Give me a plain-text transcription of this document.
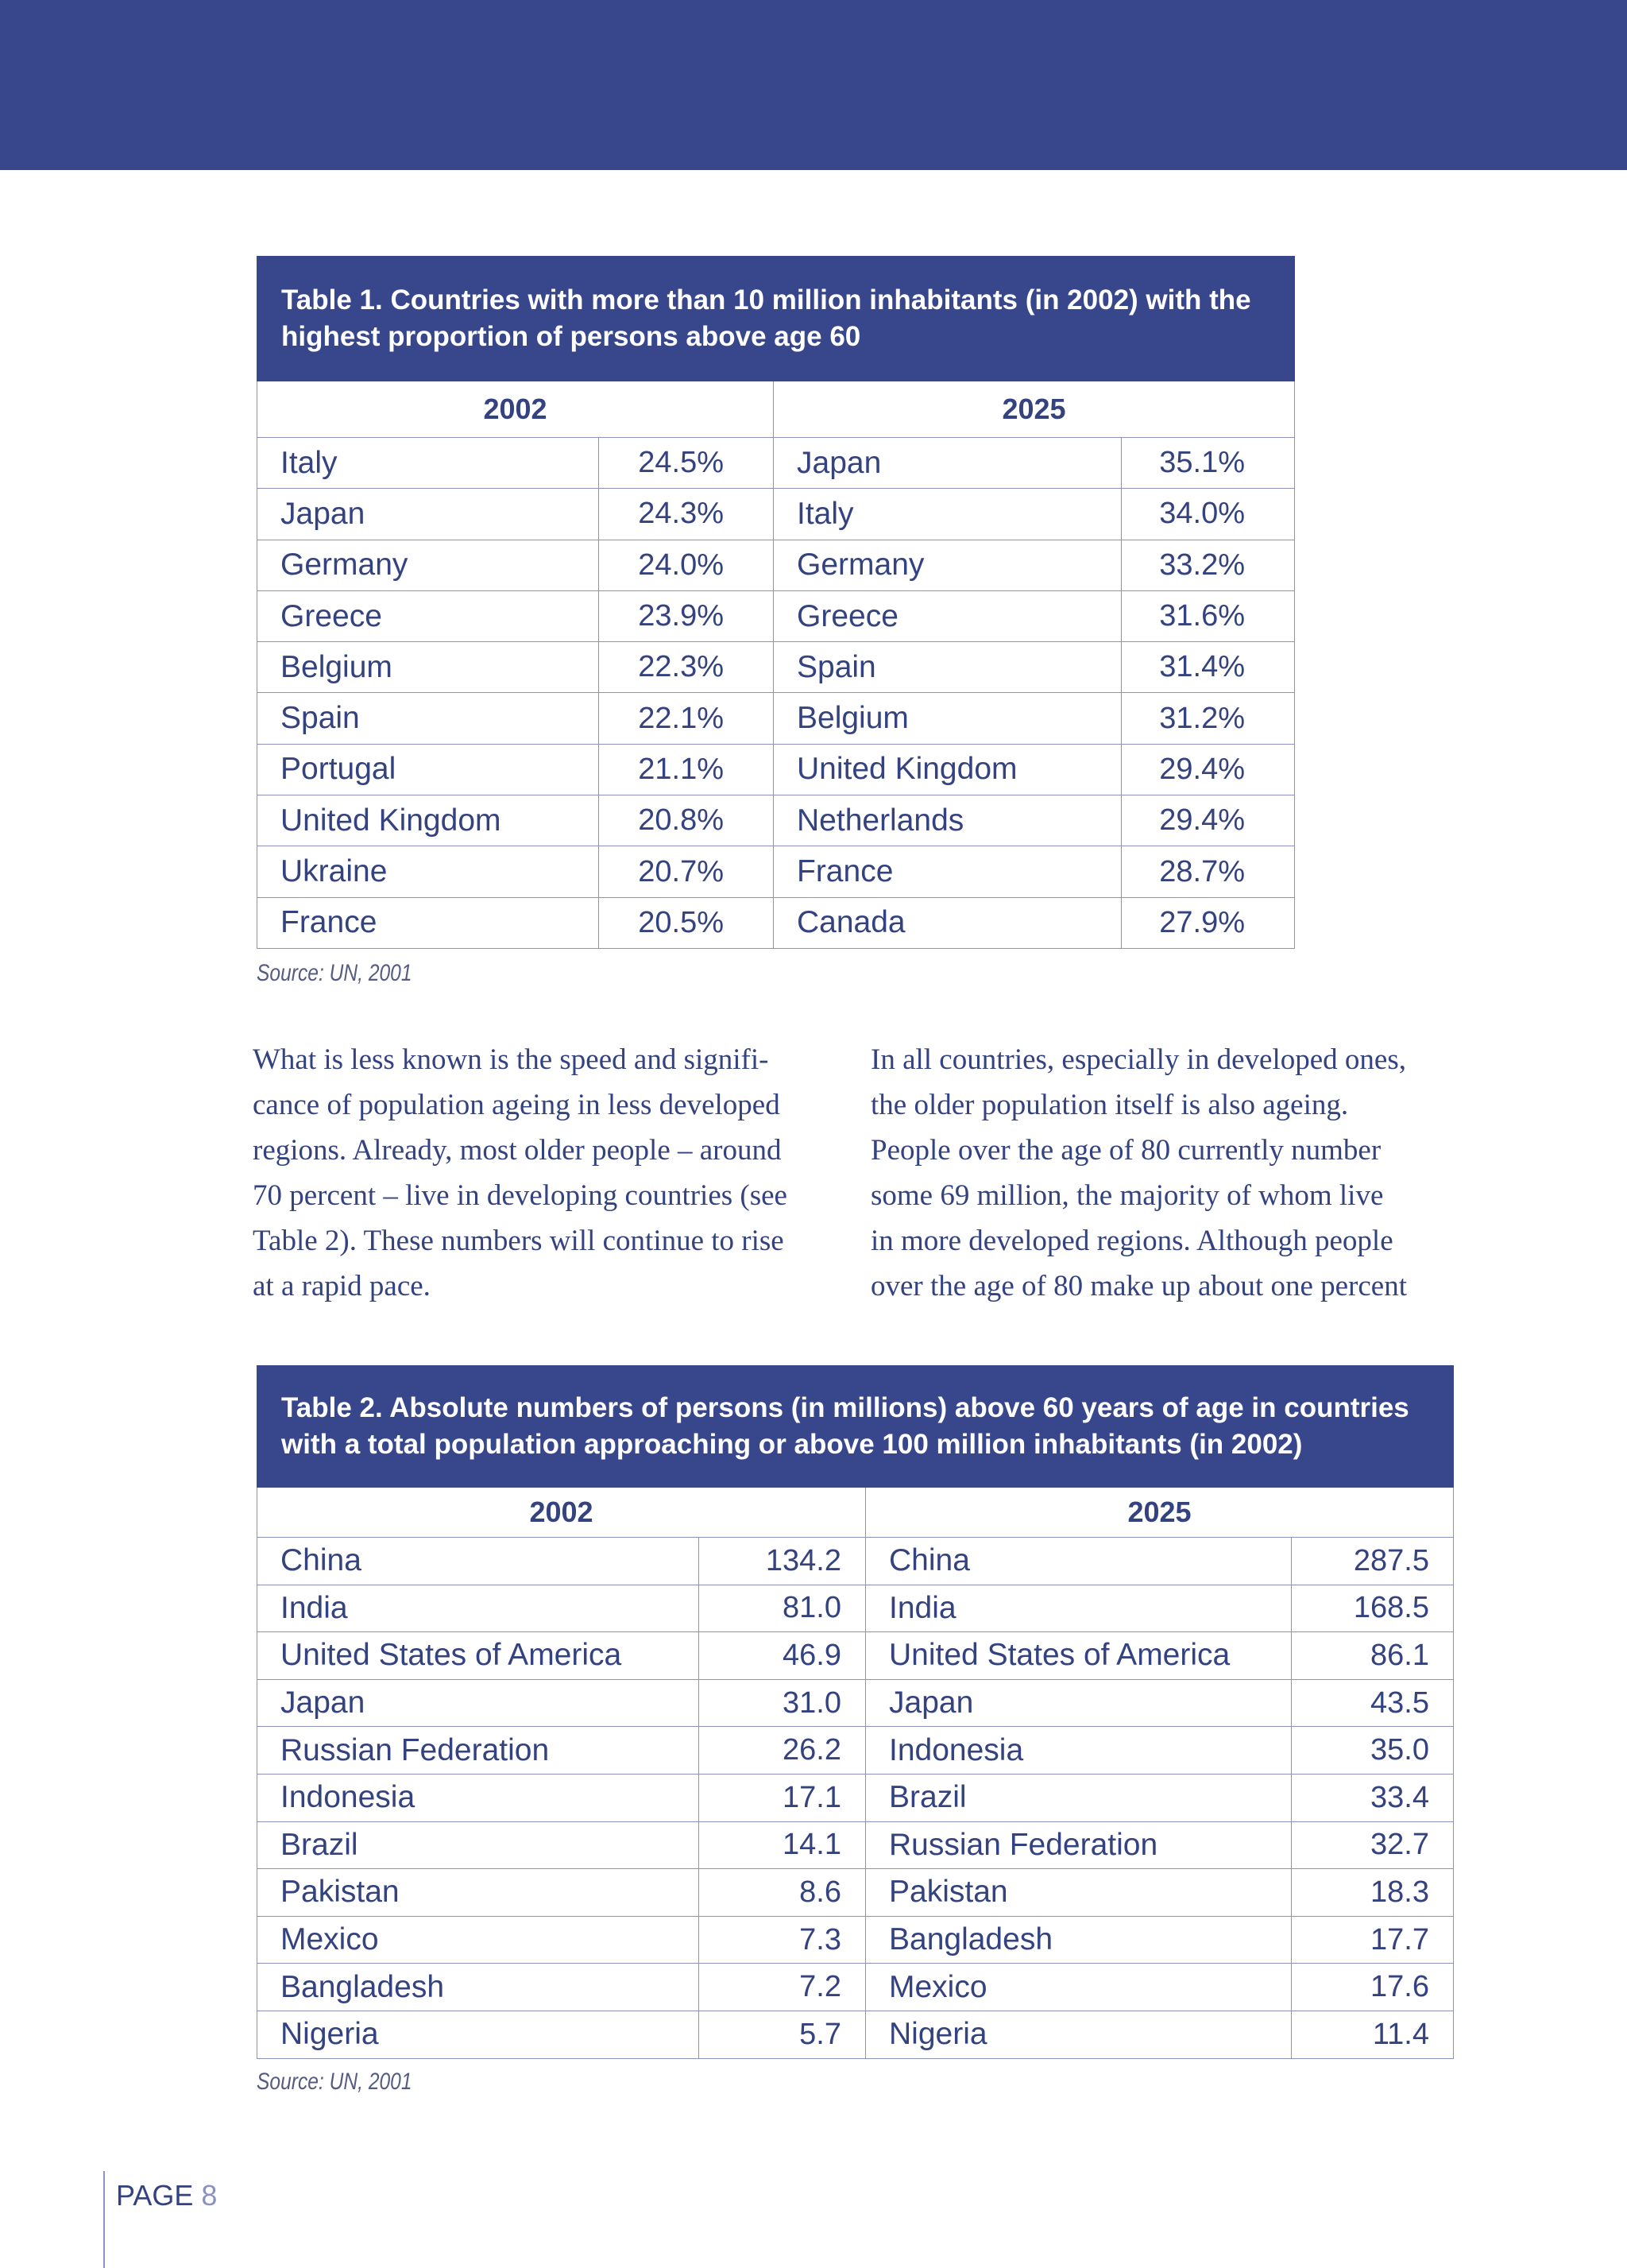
Table 1. Countries with more than 10 million inhabitants (in 2002) with the highest proportion of persons above age 60			
2002		2025	
Italy	24.5%	Japan	35.1%
Japan	24.3%	Italy	34.0%
Germany	24.0%	Germany	33.2%
Greece	23.9%	Greece	31.6%
Belgium	22.3%	Spain	31.4%
Spain	22.1%	Belgium	31.2%
Portugal	21.1%	United Kingdom	29.4%
United Kingdom	20.8%	Netherlands	29.4%
Ukraine	20.7%	France	28.7%
France	20.5%	Canada	27.9%
Source: UN, 2001

What is less known is the speed and signifi-
cance of population ageing in less developed
regions. Already, most older people – around
70 percent – live in developing countries (see
Table 2). These numbers will continue to rise
at a rapid pace.

In all countries, especially in developed ones,
the older population itself is also ageing.
People over the age of 80 currently number
some 69 million, the majority of whom live
in more developed regions. Although people
over the age of 80 make up about one percent

Table 2. Absolute numbers of persons (in millions) above 60 years of age in countries with a total population approaching or above 100 million inhabitants (in 2002)			
2002		2025	
China	134.2	China	287.5
India	81.0	India	168.5
United States of America	46.9	United States of America	86.1
Japan	31.0	Japan	43.5
Russian Federation	26.2	Indonesia	35.0
Indonesia	17.1	Brazil	33.4
Brazil	14.1	Russian Federation	32.7
Pakistan	8.6	Pakistan	18.3
Mexico	7.3	Bangladesh	17.7
Bangladesh	7.2	Mexico	17.6
Nigeria	5.7	Nigeria	11.4
Source: UN, 2001
PAGE 8
